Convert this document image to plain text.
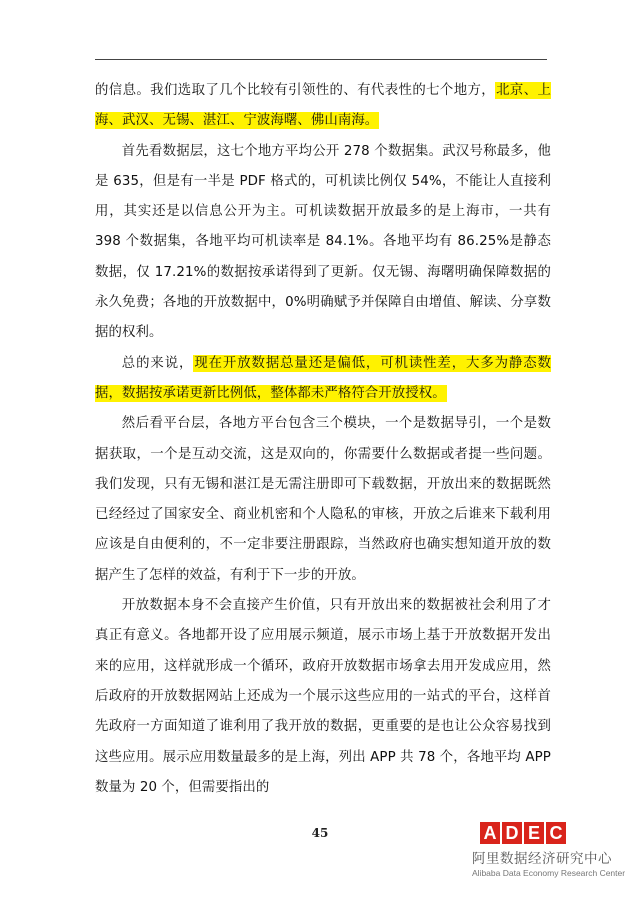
的信息。我们选取了几个比较有引领性的、有代表性的七个地方，北京、上海、武汉、无锡、湛江、宁波海曙、佛山南海。

首先看数据层，这七个地方平均公开 278 个数据集。武汉号称最多，他是 635，但是有一半是 PDF 格式的，可机读比例仅 54%，不能让人直接利用，其实还是以信息公开为主。可机读数据开放最多的是上海市，一共有 398 个数据集，各地平均可机读率是 84.1%。各地平均有 86.25%是静态数据，仅 17.21%的数据按承诺得到了更新。仅无锡、海曙明确保障数据的永久免费；各地的开放数据中，0%明确赋予并保障自由增值、解读、分享数据的权利。

总的来说，现在开放数据总量还是偏低，可机读性差，大多为静态数据，数据按承诺更新比例低，整体都未严格符合开放授权。

然后看平台层，各地方平台包含三个模块，一个是数据导引，一个是数据获取，一个是互动交流，这是双向的，你需要什么数据或者提一些问题。我们发现，只有无锡和湛江是无需注册即可下载数据，开放出来的数据既然已经经过了国家安全、商业机密和个人隐私的审核，开放之后谁来下载利用应该是自由便利的，不一定非要注册跟踪，当然政府也确实想知道开放的数据产生了怎样的效益，有利于下一步的开放。

开放数据本身不会直接产生价值，只有开放出来的数据被社会利用了才真正有意义。各地都开设了应用展示频道，展示市场上基于开放数据开发出来的应用，这样就形成一个循环，政府开放数据市场拿去用开发成应用，然后政府的开放数据网站上还成为一个展示这些应用的一站式的平台，这样首先政府一方面知道了谁利用了我开放的数据，更重要的是也让公众容易找到这些应用。展示应用数量最多的是上海，列出 APP 共 78 个，各地平均 APP 数量为 20 个，但需要指出的

45	A D E C
阿里数据经济研究中心
Alibaba Data Economy Research Center
